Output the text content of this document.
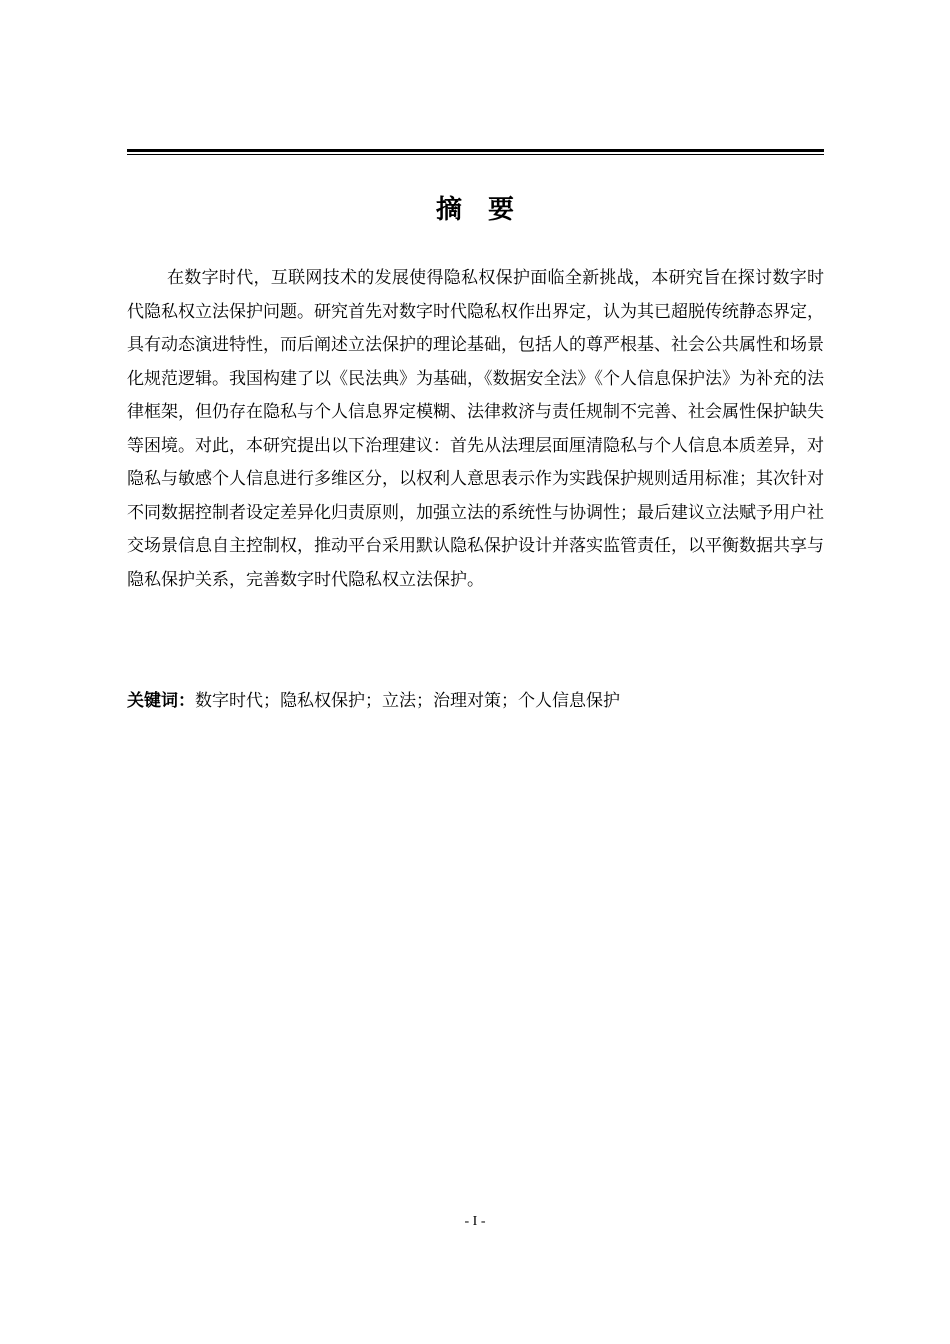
摘要

在数字时代，互联网技术的发展使得隐私权保护面临全新挑战，本研究旨在探讨数字时代隐私权立法保护问题。研究首先对数字时代隐私权作出界定，认为其已超脱传统静态界定，具有动态演进特性，而后阐述立法保护的理论基础，包括人的尊严根基、社会公共属性和场景化规范逻辑。我国构建了以《民法典》为基础，《数据安全法》《个人信息保护法》为补充的法律框架，但仍存在隐私与个人信息界定模糊、法律救济与责任规制不完善、社会属性保护缺失等困境。对此，本研究提出以下治理建议：首先从法理层面厘清隐私与个人信息本质差异，对隐私与敏感个人信息进行多维区分，以权利人意思表示作为实践保护规则适用标准；其次针对不同数据控制者设定差异化归责原则，加强立法的系统性与协调性；最后建议立法赋予用户社交场景信息自主控制权，推动平台采用默认隐私保护设计并落实监管责任，以平衡数据共享与隐私保护关系，完善数字时代隐私权立法保护。

关键词：数字时代；隐私权保护；立法；治理对策；个人信息保护
- I -
